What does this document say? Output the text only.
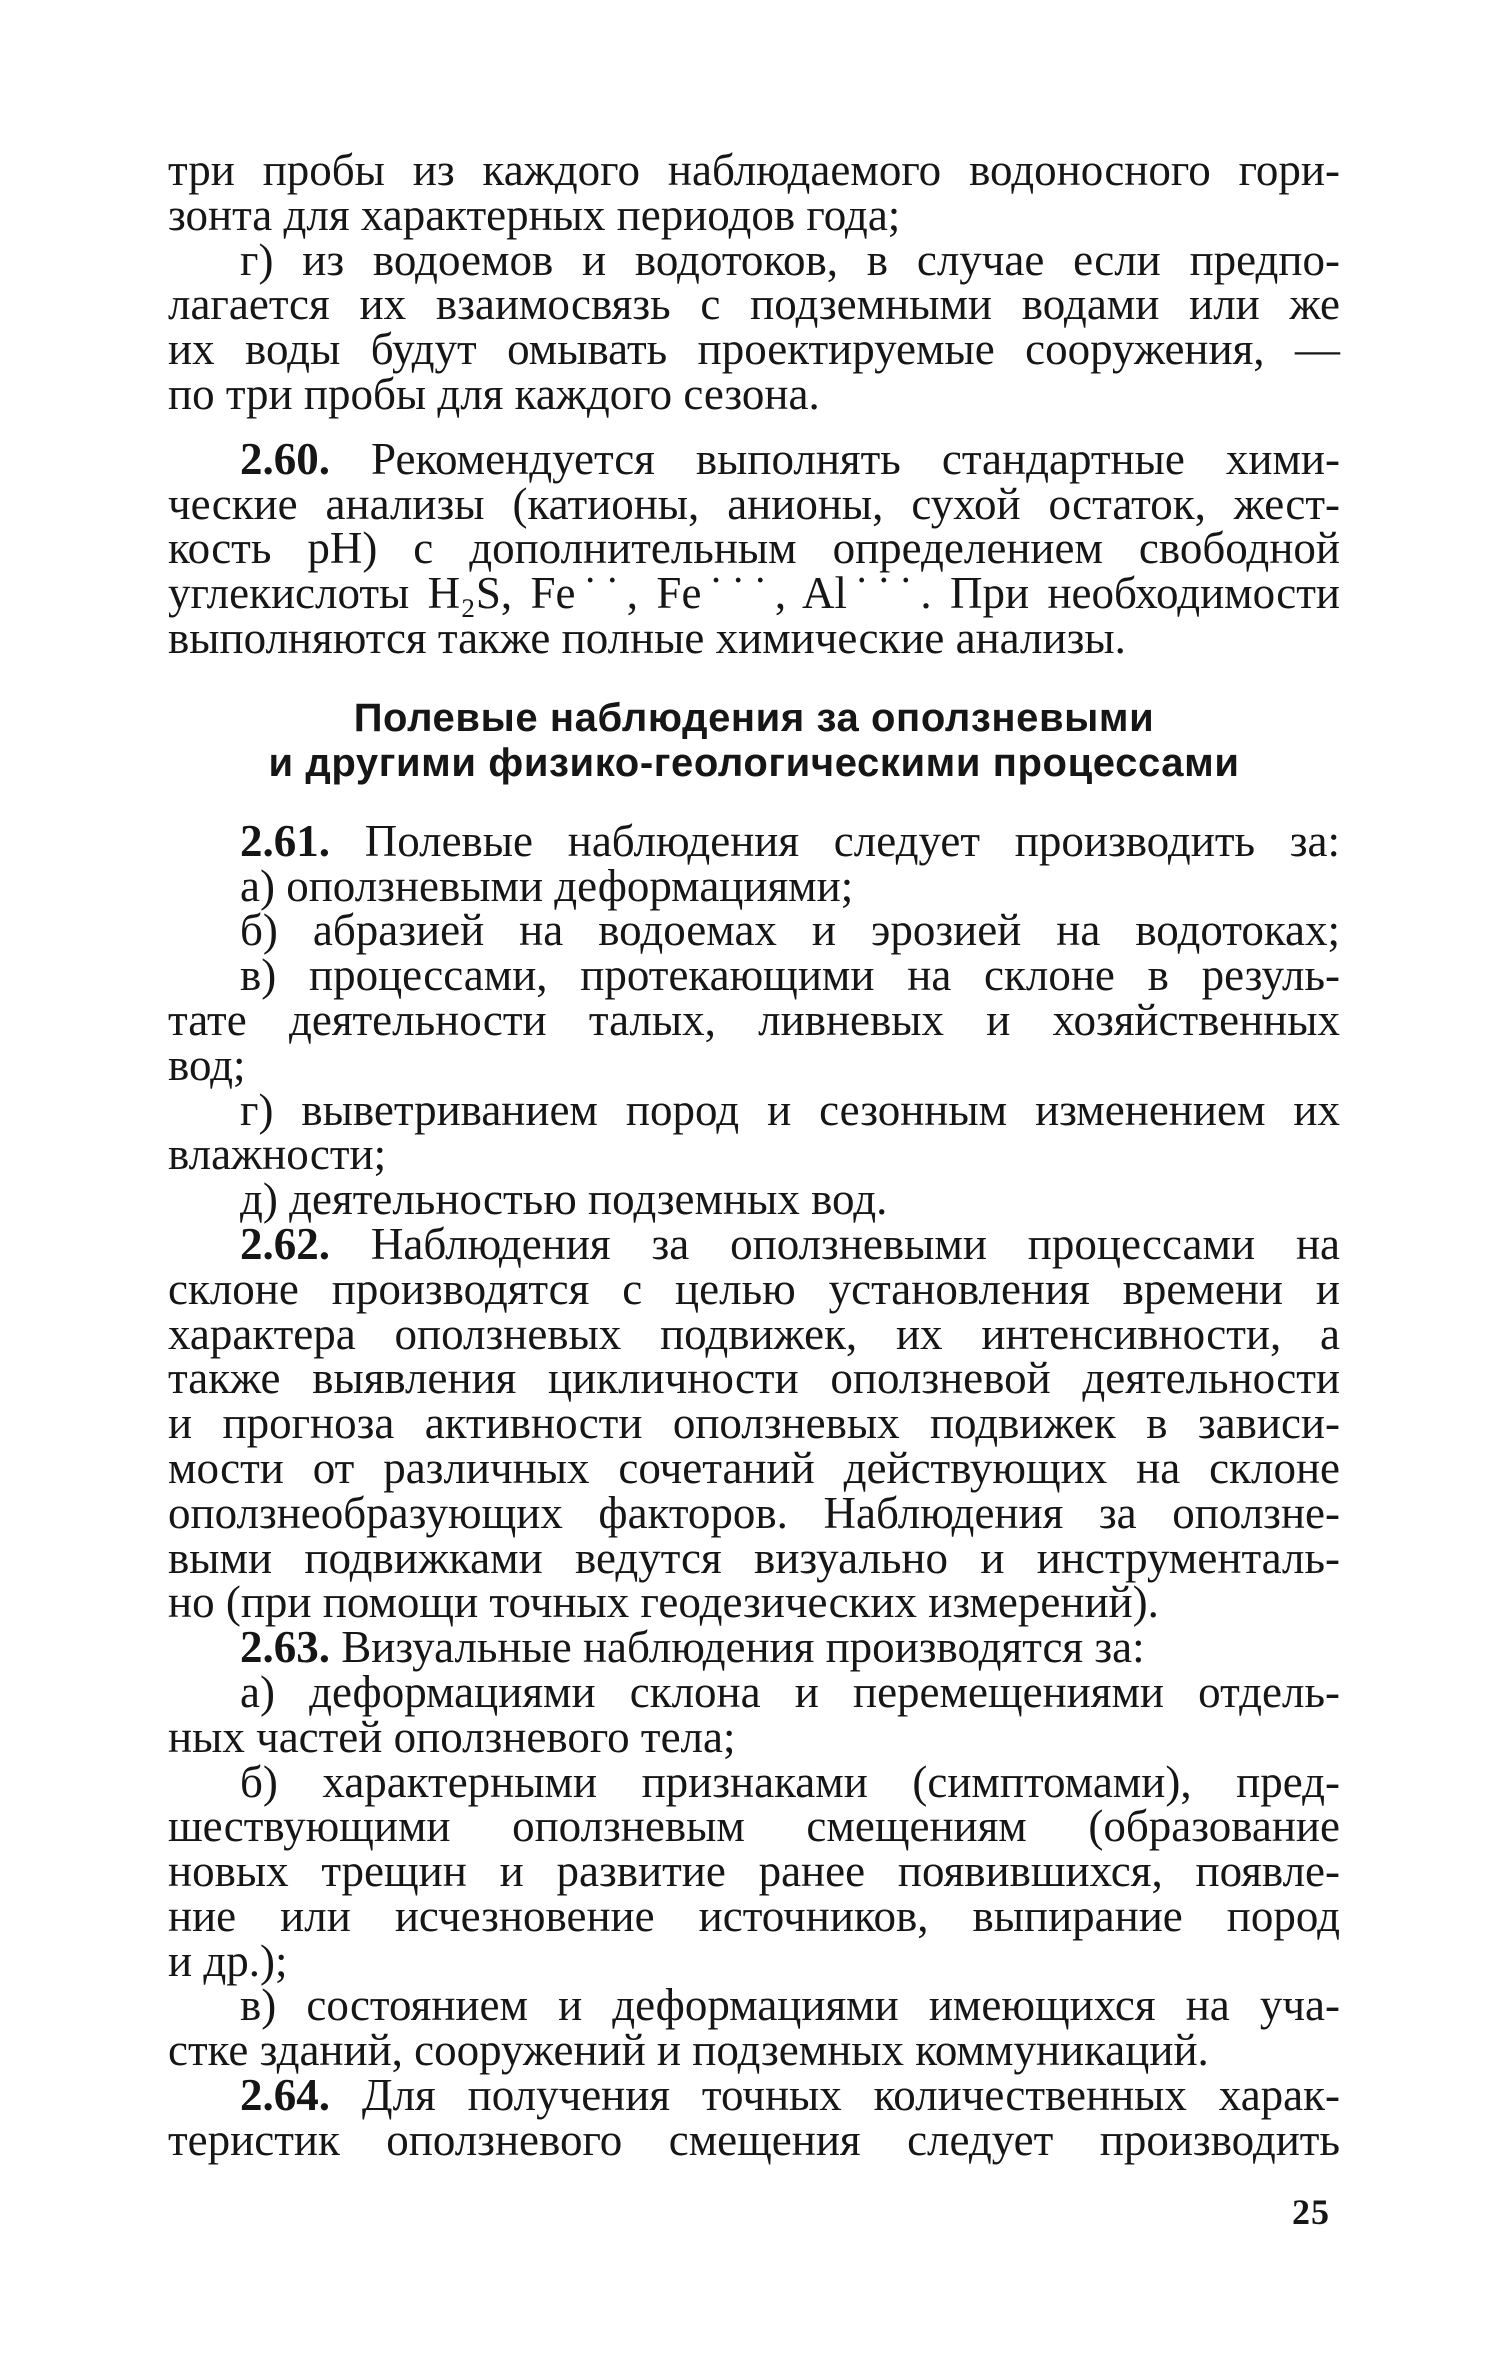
три пробы из каждого наблюдаемого водоносного гори-

зонта для характерных периодов года;

г) из водоемов и водотоков, в случае если предпо-

лагается их взаимосвязь с подземными водами или же

их воды будут омывать проектируемые сооружения, —

по три пробы для каждого сезона.

2.60. Рекомендуется выполнять стандартные хими-

ческие анализы (катионы, анионы, сухой остаток, жест-

кость pH) с дополнительным определением свободной

углекислоты H₂S, Fe˙˙, Fe˙˙˙, Al˙˙˙. При необходимости

выполняются также полные химические анализы.

Полевые наблюдения за оползневыми

и другими физико-геологическими процессами

2.61. Полевые наблюдения следует производить за:

а) оползневыми деформациями;

б) абразией на водоемах и эрозией на водотоках;

в) процессами, протекающими на склоне в резуль-

тате деятельности талых, ливневых и хозяйственных

вод;

г) выветриванием пород и сезонным изменением их

влажности;

д) деятельностью подземных вод.

2.62. Наблюдения за оползневыми процессами на

склоне производятся с целью установления времени и

характера оползневых подвижек, их интенсивности, а

также выявления цикличности оползневой деятельности

и прогноза активности оползневых подвижек в зависи-

мости от различных сочетаний действующих на склоне

оползнеобразующих факторов. Наблюдения за оползне-

выми подвижками ведутся визуально и инструменталь-

но (при помощи точных геодезических измерений).

2.63. Визуальные наблюдения производятся за:

а) деформациями склона и перемещениями отдель-

ных частей оползневого тела;

б) характерными признаками (симптомами), пред-

шествующими оползневым смещениям (образование

новых трещин и развитие ранее появившихся, появле-

ние или исчезновение источников, выпирание пород

и др.);

в) состоянием и деформациями имеющихся на уча-

стке зданий, сооружений и подземных коммуникаций.

2.64. Для получения точных количественных харак-

теристик оползневого смещения следует производить

25
